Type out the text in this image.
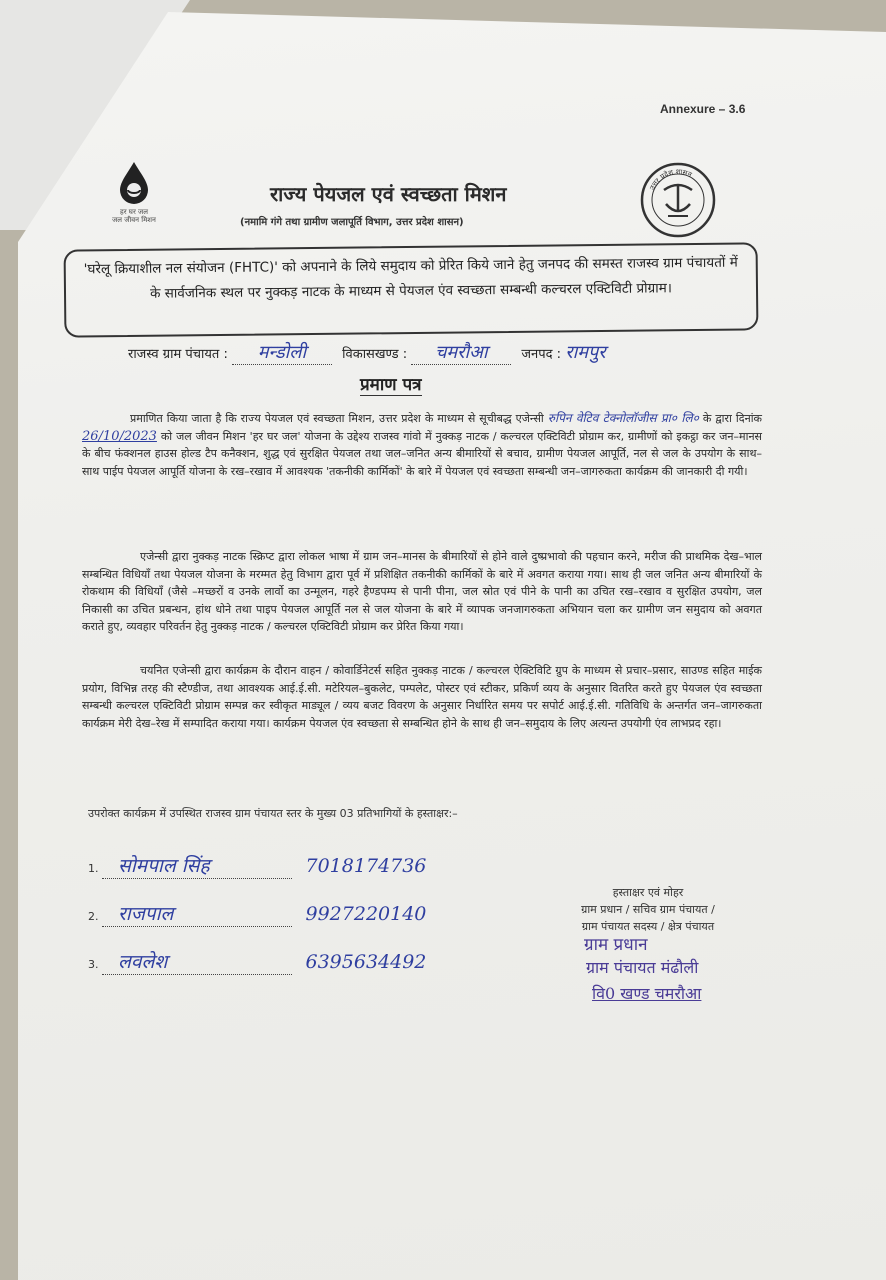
Annexure – 3.6
हर घर जल
जल जीवन मिशन
उत्तर प्रदेश शासन
राज्य पेयजल एवं स्वच्छता मिशन
(नमामि गंगे तथा ग्रामीण जलापूर्ति विभाग, उत्तर प्रदेश शासन)
'घरेलू क्रियाशील नल संयोजन (FHTC)' को अपनाने के लिये समुदाय को प्रेरित किये जाने हेतु जनपद की समस्त राजस्व ग्राम पंचायतों में के सार्वजनिक स्थल पर नुक्कड़ नाटक के माध्यम से पेयजल एंव स्वच्छता सम्बन्धी कल्चरल एक्टिविटी प्रोग्राम।
राजस्व ग्राम पंचायत : मन्डोली	विकासखण्ड : चमरौआ	जनपद : रामपुर
प्रमाण पत्र
प्रमाणित किया जाता है कि राज्य पेयजल एवं स्वच्छता मिशन, उत्तर प्रदेश के माध्यम से सूचीबद्ध एजेन्सी रुपिन वेटिव टेक्नोलॉजीस प्रा० लि० के द्वारा दिनांक 26/10/2023 को जल जीवन मिशन 'हर घर जल' योजना के उद्देश्य राजस्व गांवो में नुक्कड़ नाटक / कल्चरल एक्टिविटी प्रोग्राम कर, ग्रामीणों को इकट्ठा कर जन–मानस के बीच फंक्शनल हाउस होल्ड टैप कनैक्शन, शुद्ध एवं सुरक्षित पेयजल तथा जल–जनित अन्य बीमारियों से बचाव, ग्रामीण पेयजल आपूर्ति, नल से जल के उपयोग के साथ–साथ पाईप पेयजल आपूर्ति योजना के रख–रखाव में आवश्यक 'तकनीकी कार्मिकों' के बारे में पेयजल एवं स्वच्छता सम्बन्धी जन–जागरुकता कार्यक्रम की जानकारी दी गयी।
एजेन्सी द्वारा नुक्कड़ नाटक स्क्रिप्ट द्वारा लोकल भाषा में ग्राम जन–मानस के बीमारियों से होने वाले दुष्प्रभावो की पहचान करने, मरीज की प्राथमिक देख–भाल सम्बन्धित विधियाँ तथा पेयजल योजना के मरम्मत हेतु विभाग द्वारा पूर्व में प्रशिक्षित तकनीकी कार्मिकों के बारे में अवगत कराया गया। साथ ही जल जनित अन्य बीमारियों के रोकथाम की विधियाँ (जैसे –मच्छरों व उनके लार्वो का उन्मूलन, गहरे हैण्डपम्प से पानी पीना, जल स्रोत एवं पीने के पानी का उचित रख–रखाव व सुरक्षित उपयोग, जल निकासी का उचित प्रबन्धन, हांथ धोने तथा पाइप पेयजल आपूर्ति नल से जल योजना के बारे में व्यापक जनजागरुकता अभियान चला कर ग्रामीण जन समुदाय को अवगत कराते हुए, व्यवहार परिवर्तन हेतु नुक्कड़ नाटक / कल्चरल एक्टिविटी प्रोग्राम कर प्रेरित किया गया।
चयनित एजेन्सी द्वारा कार्यक्रम के दौरान वाहन / कोवार्डिनेटर्स सहित नुक्कड़ नाटक / कल्चरल ऐक्टिविटि ग्रुप के माध्यम से प्रचार–प्रसार, साउण्ड सहित माईक प्रयोग, विभिन्न तरह की स्टैण्डीज, तथा आवश्यक आई.ई.सी. मटेरियल–बुकलेट, पम्पलेट, पोस्टर एवं स्टीकर, प्रकिर्ण व्यय के अनुसार वितरित करते हुए पेयजल एंव स्वच्छता सम्बन्धी कल्चरल एक्टिविटी प्रोग्राम सम्पन्न कर स्वीकृत माड्यूल / व्यय बजट विवरण के अनुसार निर्धारित समय पर सपोर्ट आई.ई.सी. गतिविधि के अन्तर्गत जन–जागरुकता कार्यक्रम मेरी देख–रेख में सम्पादित कराया गया। कार्यक्रम पेयजल एंव स्वच्छता से सम्बन्धित होने के साथ ही जन–समुदाय के लिए अत्यन्त उपयोगी एंव लाभप्रद रहा।
उपरोक्त कार्यक्रम में उपस्थित राजस्व ग्राम पंचायत स्तर के मुख्य 03 प्रतिभागियों के हस्ताक्षर:–
1. सोमपाल सिंह	7018174736
2. राजपाल	9927220140
3. लवलेश	6395634492
हस्ताक्षर एवं मोहर
ग्राम प्रधान / सचिव ग्राम पंचायत /
ग्राम पंचायत सदस्य / क्षेत्र पंचायत
ग्राम प्रधान
ग्राम पंचायत मंढौली
वि0 खण्ड चमरौआ
